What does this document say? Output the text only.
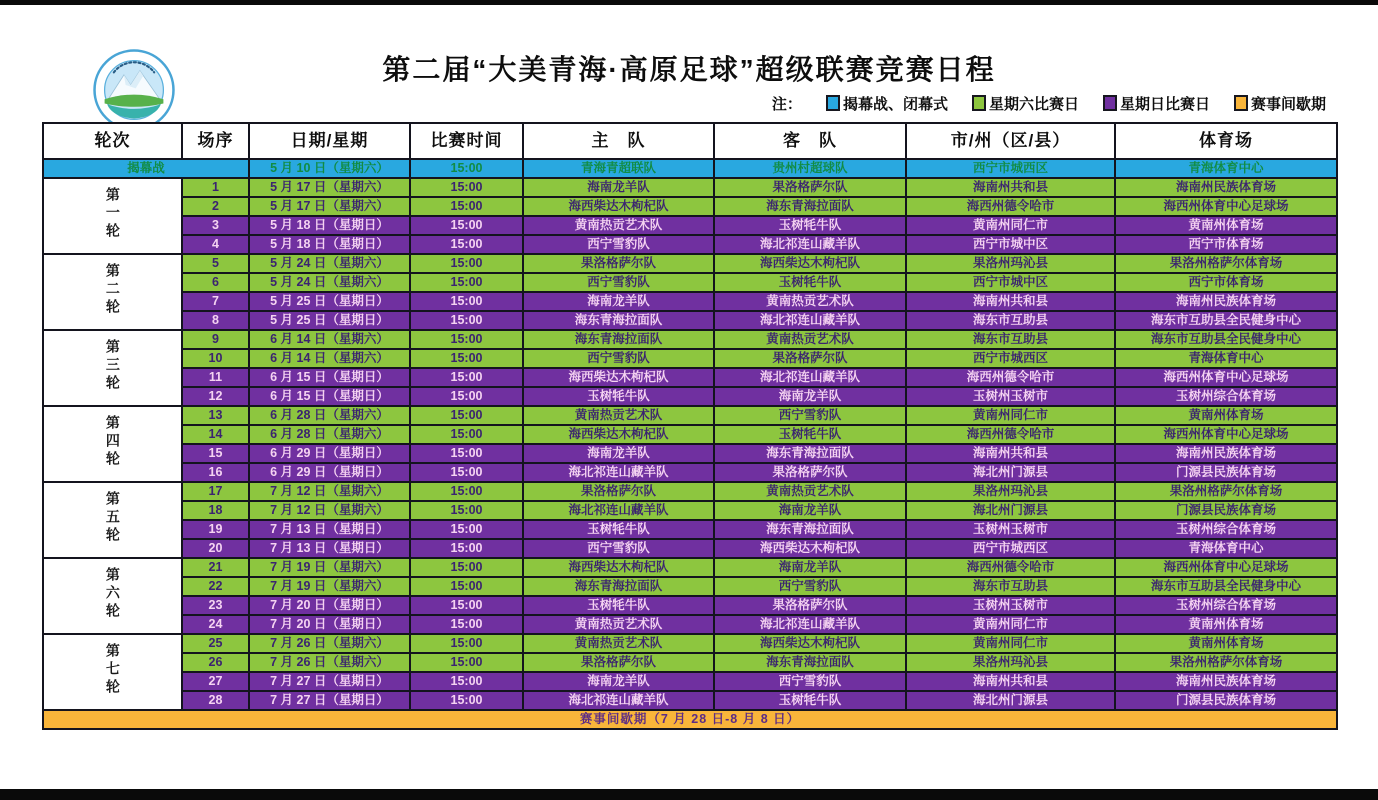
第二届“大美青海·高原足球”超级联赛竞赛日程
注：	揭幕战、闭幕式	星期六比赛日	星期日比赛日	赛事间歇期
轮次	场序	日期/星期	比赛时间	主　队	客　队	市/州（区/县）	体育场
揭幕战		5 月 10 日（星期六）	15:00	青海青超联队	贵州村超球队	西宁市城西区	青海体育中心
第一轮	1	5 月 17 日（星期六）	15:00	海南龙羊队	果洛格萨尔队	海南州共和县	海南州民族体育场
	2	5 月 17 日（星期六）	15:00	海西柴达木枸杞队	海东青海拉面队	海西州德令哈市	海西州体育中心足球场
	3	5 月 18 日（星期日）	15:00	黄南热贡艺术队	玉树牦牛队	黄南州同仁市	黄南州体育场
	4	5 月 18 日（星期日）	15:00	西宁雪豹队	海北祁连山藏羊队	西宁市城中区	西宁市体育场
第二轮	5	5 月 24 日（星期六）	15:00	果洛格萨尔队	海西柴达木枸杞队	果洛州玛沁县	果洛州格萨尔体育场
	6	5 月 24 日（星期六）	15:00	西宁雪豹队	玉树牦牛队	西宁市城中区	西宁市体育场
	7	5 月 25 日（星期日）	15:00	海南龙羊队	黄南热贡艺术队	海南州共和县	海南州民族体育场
	8	5 月 25 日（星期日）	15:00	海东青海拉面队	海北祁连山藏羊队	海东市互助县	海东市互助县全民健身中心
第三轮	9	6 月 14 日（星期六）	15:00	海东青海拉面队	黄南热贡艺术队	海东市互助县	海东市互助县全民健身中心
	10	6 月 14 日（星期六）	15:00	西宁雪豹队	果洛格萨尔队	西宁市城西区	青海体育中心
	11	6 月 15 日（星期日）	15:00	海西柴达木枸杞队	海北祁连山藏羊队	海西州德令哈市	海西州体育中心足球场
	12	6 月 15 日（星期日）	15:00	玉树牦牛队	海南龙羊队	玉树州玉树市	玉树州综合体育场
第四轮	13	6 月 28 日（星期六）	15:00	黄南热贡艺术队	西宁雪豹队	黄南州同仁市	黄南州体育场
	14	6 月 28 日（星期六）	15:00	海西柴达木枸杞队	玉树牦牛队	海西州德令哈市	海西州体育中心足球场
	15	6 月 29 日（星期日）	15:00	海南龙羊队	海东青海拉面队	海南州共和县	海南州民族体育场
	16	6 月 29 日（星期日）	15:00	海北祁连山藏羊队	果洛格萨尔队	海北州门源县	门源县民族体育场
第五轮	17	7 月 12 日（星期六）	15:00	果洛格萨尔队	黄南热贡艺术队	果洛州玛沁县	果洛州格萨尔体育场
	18	7 月 12 日（星期六）	15:00	海北祁连山藏羊队	海南龙羊队	海北州门源县	门源县民族体育场
	19	7 月 13 日（星期日）	15:00	玉树牦牛队	海东青海拉面队	玉树州玉树市	玉树州综合体育场
	20	7 月 13 日（星期日）	15:00	西宁雪豹队	海西柴达木枸杞队	西宁市城西区	青海体育中心
第六轮	21	7 月 19 日（星期六）	15:00	海西柴达木枸杞队	海南龙羊队	海西州德令哈市	海西州体育中心足球场
	22	7 月 19 日（星期六）	15:00	海东青海拉面队	西宁雪豹队	海东市互助县	海东市互助县全民健身中心
	23	7 月 20 日（星期日）	15:00	玉树牦牛队	果洛格萨尔队	玉树州玉树市	玉树州综合体育场
	24	7 月 20 日（星期日）	15:00	黄南热贡艺术队	海北祁连山藏羊队	黄南州同仁市	黄南州体育场
第七轮	25	7 月 26 日（星期六）	15:00	黄南热贡艺术队	海西柴达木枸杞队	黄南州同仁市	黄南州体育场
	26	7 月 26 日（星期六）	15:00	果洛格萨尔队	海东青海拉面队	果洛州玛沁县	果洛州格萨尔体育场
	27	7 月 27 日（星期日）	15:00	海南龙羊队	西宁雪豹队	海南州共和县	海南州民族体育场
	28	7 月 27 日（星期日）	15:00	海北祁连山藏羊队	玉树牦牛队	海北州门源县	门源县民族体育场
赛事间歇期（7 月 28 日-8 月 8 日）							
